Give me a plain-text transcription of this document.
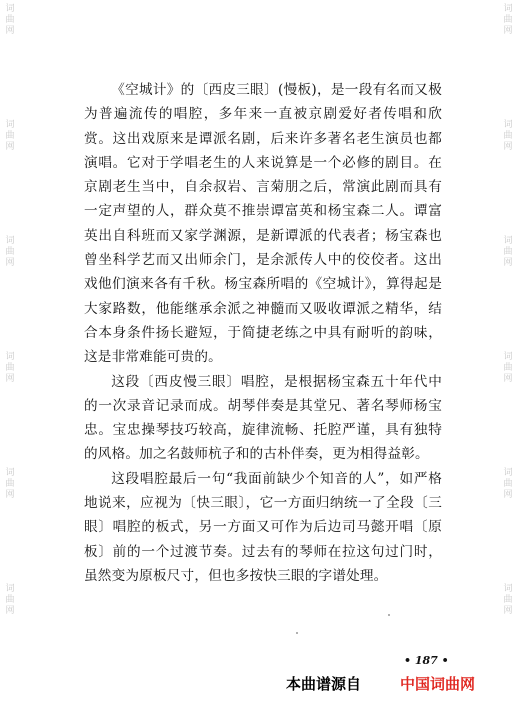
词
曲
网
词
曲
网
词
曲
网
词
曲
网
词
曲
网
词
曲
网
词
曲
网
词
曲
网
词
曲
网
词
曲
网
词
曲
网
词
曲
网

《空城计》的〔西皮三眼〕(慢板)，是一段有名而又极为普遍流传的唱腔，多年来一直被京剧爱好者传唱和欣赏。这出戏原来是谭派名剧，后来许多著名老生演员也都演唱。它对于学唱老生的人来说算是一个必修的剧目。在京剧老生当中，自余叔岩、言菊朋之后，常演此剧而具有一定声望的人，群众莫不推崇谭富英和杨宝森二人。谭富英出自科班而又家学渊源，是新谭派的代表者；杨宝森也曾坐科学艺而又出师余门，是余派传人中的佼佼者。这出戏他们演来各有千秋。杨宝森所唱的《空城计》，算得起是大家路数，他能继承余派之神髓而又吸收谭派之精华，结合本身条件扬长避短，于简捷老练之中具有耐听的韵味，这是非常难能可贵的。

这段〔西皮慢三眼〕唱腔，是根据杨宝森五十年代中的一次录音记录而成。胡琴伴奏是其堂兄、著名琴师杨宝忠。宝忠操琴技巧较高，旋律流畅、托腔严谨，具有独特的风格。加之名鼓师杭子和的古朴伴奏，更为相得益彰。

这段唱腔最后一句“我面前缺少个知音的人”，如严格地说来，应视为〔快三眼〕，它一方面归纳统一了全段〔三眼〕唱腔的板式，另一方面又可作为后边司马懿开唱〔原板〕前的一个过渡节奏。过去有的琴师在拉这句过门时，虽然变为原板尺寸，但也多按快三眼的字谱处理。

• 187 •
本曲谱源自	中国词曲网
